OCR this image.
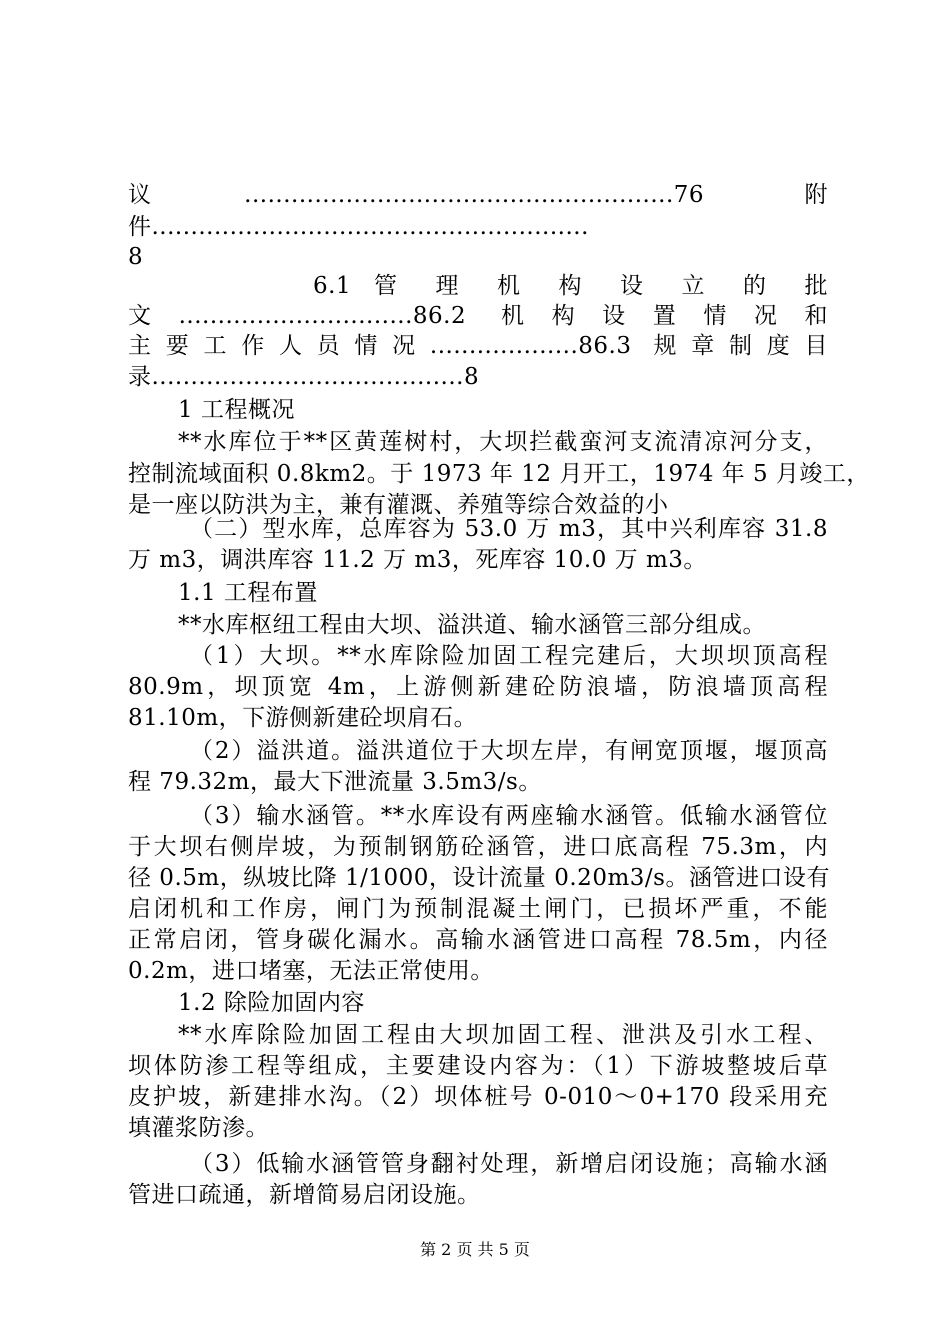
议.......................................................76 附
件........................................................
8
6.1 管 理 机 构 设 立 的 批
文..............................86.2 机构设置情况和
主要工作人员情况...................86.3 规章制度目
录........................................8
1 工程概况
**水库位于**区黄莲树村，大坝拦截蛮河支流清凉河分支，
控制流域面积 0.8km2。于 1973 年 12 月开工，1974 年 5 月竣工，
是一座以防洪为主，兼有灌溉、养殖等综合效益的小
（二）型水库，总库容为 53.0 万 m3，其中兴利库容 31.8
万 m3，调洪库容 11.2 万 m3，死库容 10.0 万 m3。
1.1 工程布置
**水库枢纽工程由大坝、溢洪道、输水涵管三部分组成。
（1）大坝。**水库除险加固工程完建后，大坝坝顶高程
80.9m，坝顶宽 4m，上游侧新建砼防浪墙，防浪墙顶高程
81.10m，下游侧新建砼坝肩石。
（2）溢洪道。溢洪道位于大坝左岸，有闸宽顶堰，堰顶高
程 79.32m，最大下泄流量 3.5m3/s。
（3）输水涵管。**水库设有两座输水涵管。低输水涵管位
于大坝右侧岸坡，为预制钢筋砼涵管，进口底高程 75.3m，内
径 0.5m，纵坡比降 1/1000，设计流量 0.20m3/s。涵管进口设有
启闭机和工作房，闸门为预制混凝土闸门，已损坏严重，不能
正常启闭，管身碳化漏水。高输水涵管进口高程 78.5m，内径
0.2m，进口堵塞，无法正常使用。
1.2 除险加固内容
**水库除险加固工程由大坝加固工程、泄洪及引水工程、
坝体防渗工程等组成，主要建设内容为：（1）下游坡整坡后草
皮护坡，新建排水沟。（2）坝体桩号 0-010～0+170 段采用充
填灌浆防渗。
（3）低输水涵管管身翻衬处理，新增启闭设施；高输水涵
管进口疏通，新增简易启闭设施。
第 2 页 共 5 页
